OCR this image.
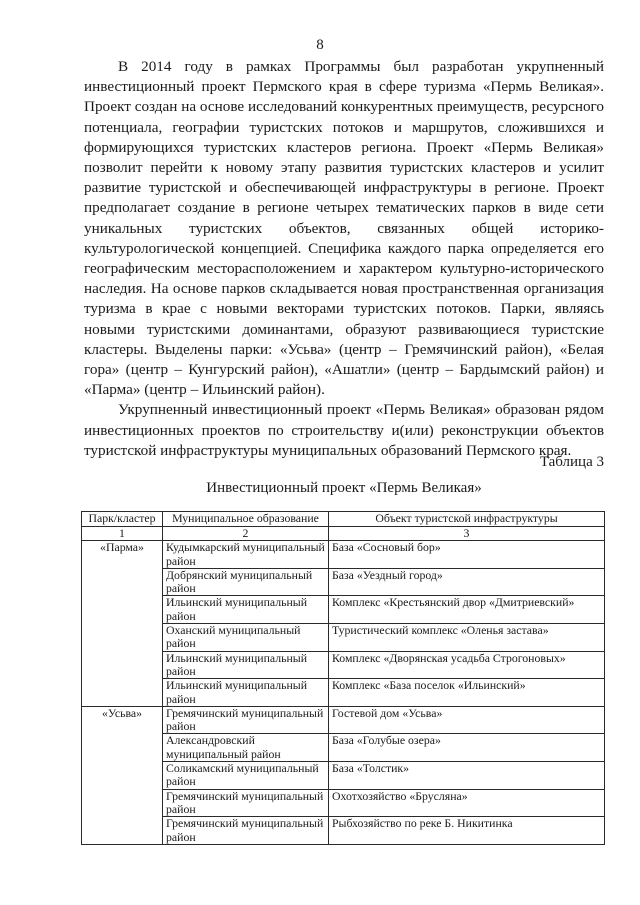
8

В 2014 году в рамках Программы был разработан укрупненный инвестиционный проект Пермского края в сфере туризма «Пермь Великая». Проект создан на основе исследований конкурентных преимуществ, ресурсного потенциала, географии туристских потоков и маршрутов, сложившихся и формирующихся туристских кластеров региона. Проект «Пермь Великая» позволит перейти к новому этапу развития туристских кластеров и усилит развитие туристской и обеспечивающей инфраструктуры в регионе. Проект предполагает создание в регионе четырех тематических парков в виде сети уникальных туристских объектов, связанных общей историко-культурологической концепцией. Специфика каждого парка определяется его географическим месторасположением и характером культурно-исторического наследия. На основе парков складывается новая пространственная организация туризма в крае с новыми векторами туристских потоков. Парки, являясь новыми туристскими доминантами, образуют развивающиеся туристские кластеры. Выделены парки: «Усьва» (центр – Гремячинский район), «Белая гора» (центр – Кунгурский район), «Ашатли» (центр – Бардымский район) и «Парма» (центр – Ильинский район).

Укрупненный инвестиционный проект «Пермь Великая» образован рядом инвестиционных проектов по строительству и(или) реконструкции объектов туристской инфраструктуры муниципальных образований Пермского края.

Таблица 3
Инвестиционный проект «Пермь Великая»
Парк/кластер	Муниципальное образование	Объект туристской инфраструктуры
1	2	3
«Парма»	Кудымкарский муниципальный район	База «Сосновый бор»
	Добрянский муниципальный район	База «Уездный город»
	Ильинский муниципальный район	Комплекс «Крестьянский двор «Дмитриевский»
	Оханский муниципальный район	Туристический комплекс «Оленья застава»
	Ильинский муниципальный район	Комплекс «Дворянская усадьба Строгоновых»
	Ильинский муниципальный район	Комплекс «База поселок «Ильинский»
«Усьва»	Гремячинский муниципальный район	Гостевой дом «Усьва»
	Александровский муниципальный район	База «Голубые озера»
	Соликамский муниципальный район	База «Толстик»
	Гремячинский муниципальный район	Охотхозяйство «Брусляна»
	Гремячинский муниципальный район	Рыбхозяйство по реке Б. Никитинка
